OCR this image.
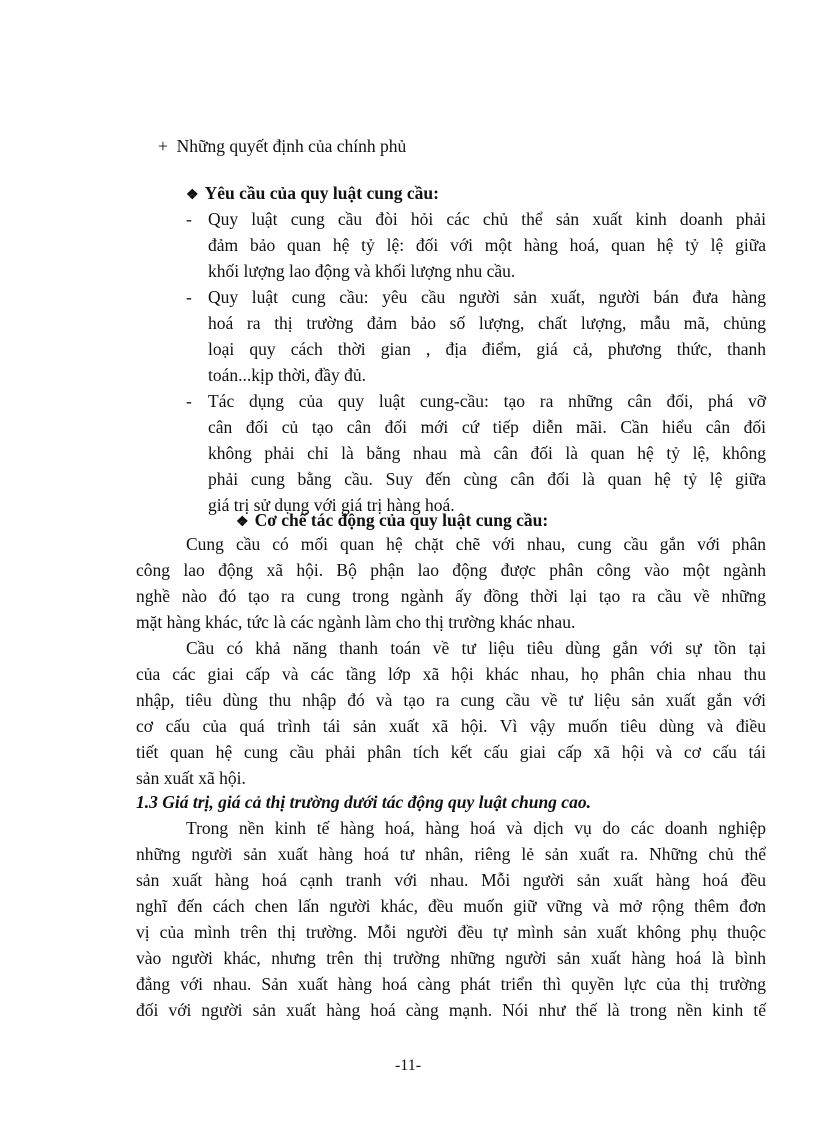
+ Những quyết định của chính phủ
❖ Yêu cầu của quy luật cung cầu:
- Quy luật cung cầu đòi hỏi các chủ thể sản xuất kinh doanh phải
đảm bảo quan hệ tỷ lệ: đối với một hàng hoá, quan hệ tỷ lệ giữa
khối lượng lao động và khối lượng nhu cầu.
- Quy luật cung cầu: yêu cầu người sản xuất, người bán đưa hàng
hoá ra thị trường đảm bảo số lượng, chất lượng, mẫu mã, chủng
loại quy cách thời gian , địa điểm, giá cả, phương thức, thanh
toán...kịp thời, đầy đủ.
- Tác dụng của quy luật cung-cầu: tạo ra những cân đối, phá vỡ
cân đối củ tạo cân đối mới cứ tiếp diễn mãi. Cần hiểu cân đối
không phải chỉ là bằng nhau mà cân đối là quan hệ tỷ lệ, không
phải cung bằng cầu. Suy đến cùng cân đối là quan hệ tỷ lệ giữa
giá trị sử dụng với giá trị hàng hoá.
❖ Cơ chế tác động của quy luật cung cầu:
Cung cầu có mối quan hệ chặt chẽ với nhau, cung cầu gắn với phân
công lao động xã hội. Bộ phận lao động được phân công vào một ngành
nghề nào đó tạo ra cung trong ngành ấy đồng thời lại tạo ra cầu về những
mặt hàng khác, tức là các ngành làm cho thị trường khác nhau.
Cầu có khả năng thanh toán về tư liệu tiêu dùng gắn với sự tồn tại
của các giai cấp và các tầng lớp xã hội khác nhau, họ phân chia nhau thu
nhập, tiêu dùng thu nhập đó và tạo ra cung cầu về tư liệu sản xuất gắn với
cơ cấu của quá trình tái sản xuất xã hội. Vì vậy muốn tiêu dùng và điều
tiết quan hệ cung cầu phải phân tích kết cấu giai cấp xã hội và cơ cấu tái
sản xuất xã hội.
1.3 Giá trị, giá cả thị trường dưới tác động quy luật chung cao.
Trong nền kinh tế hàng hoá, hàng hoá và dịch vụ do các doanh nghiệp
những người sản xuất hàng hoá tư nhân, riêng lẻ sản xuất ra. Những chủ thể
sản xuất hàng hoá cạnh tranh với nhau. Mỗi người sản xuất hàng hoá đều
nghĩ đến cách chen lấn người khác, đều muốn giữ vững và mở rộng thêm đơn
vị của mình trên thị trường. Mỗi người đều tự mình sản xuất không phụ thuộc
vào người khác, nhưng trên thị trường những người sản xuất hàng hoá là bình
đẳng với nhau. Sản xuất hàng hoá càng phát triển thì quyền lực của thị trường
đối với người sản xuất hàng hoá càng mạnh. Nói như thế là trong nền kinh tế
-11-
